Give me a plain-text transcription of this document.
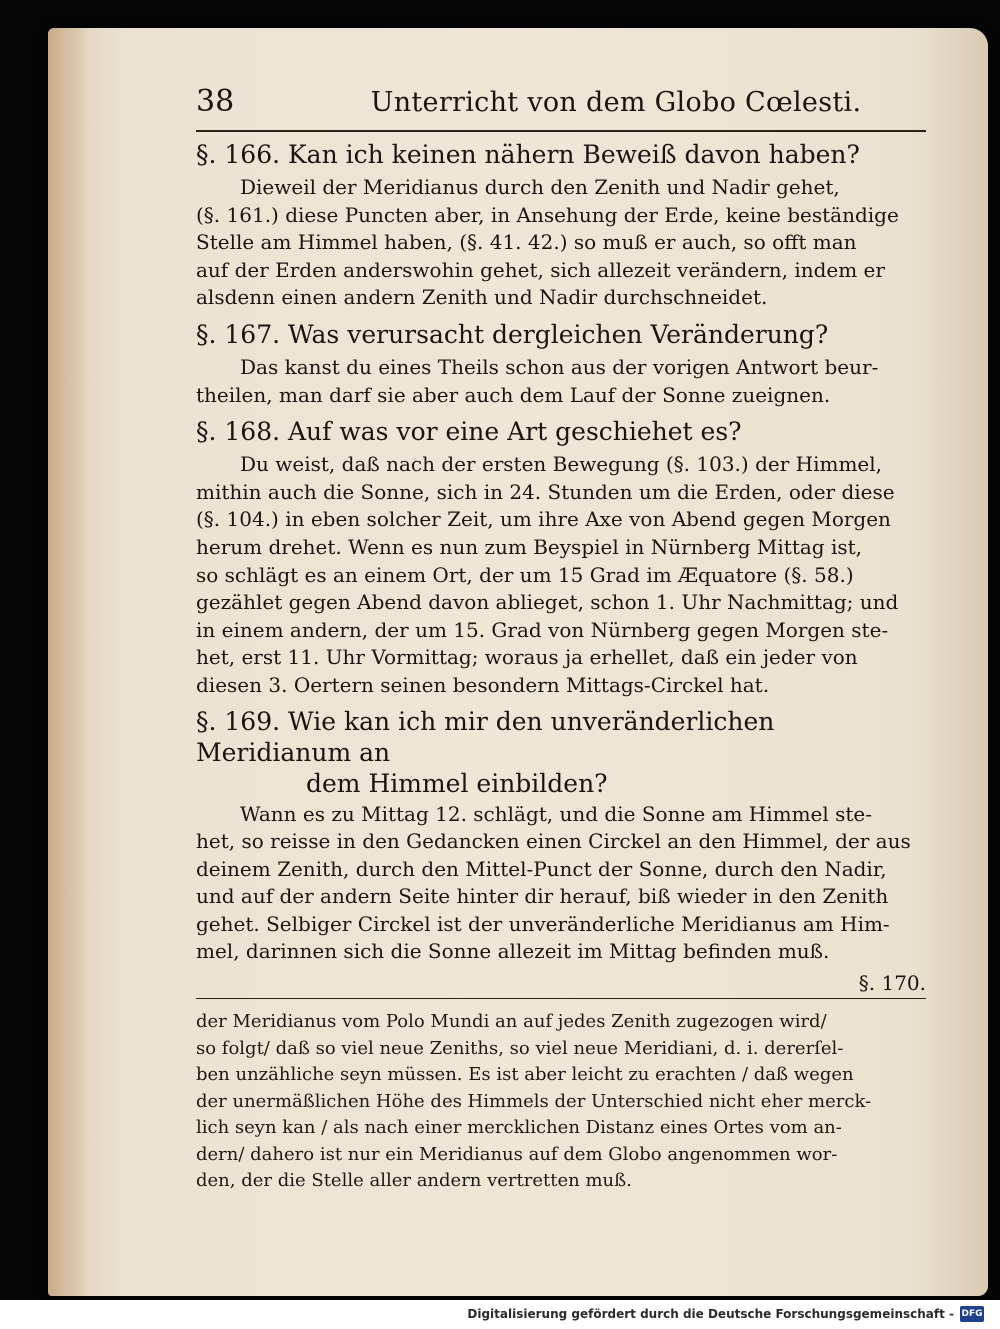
38	Unterricht von dem Globo Cœlesti.
§. 166. Kan ich keinen nähern Beweiß davon haben?
Dieweil der Meridianus durch den Zenith und Nadir gehet,
(§. 161.) diese Puncten aber, in Ansehung der Erde, keine beständige
Stelle am Himmel haben, (§. 41. 42.) so muß er auch, so offt man
auf der Erden anderswohin gehet, sich allezeit verändern, indem er
alsdenn einen andern Zenith und Nadir durchschneidet.
§. 167. Was verursacht dergleichen Veränderung?
Das kanst du eines Theils schon aus der vorigen Antwort beur-
theilen, man darf sie aber auch dem Lauf der Sonne zueignen.
§. 168. Auf was vor eine Art geschiehet es?
Du weist, daß nach der ersten Bewegung (§. 103.) der Himmel,
mithin auch die Sonne, sich in 24. Stunden um die Erden, oder diese
(§. 104.) in eben solcher Zeit, um ihre Axe von Abend gegen Morgen
herum drehet. Wenn es nun zum Beyspiel in Nürnberg Mittag ist,
so schlägt es an einem Ort, der um 15 Grad im Æquatore (§. 58.)
gezählet gegen Abend davon ablieget, schon 1. Uhr Nachmittag; und
in einem andern, der um 15. Grad von Nürnberg gegen Morgen ste-
het, erst 11. Uhr Vormittag; woraus ja erhellet, daß ein jeder von
diesen 3. Oertern seinen besondern Mittags-Circkel hat.
§. 169. Wie kan ich mir den unveränderlichen Meridianum an
dem Himmel einbilden?
Wann es zu Mittag 12. schlägt, und die Sonne am Himmel ste-
het, so reisse in den Gedancken einen Circkel an den Himmel, der aus
deinem Zenith, durch den Mittel-Punct der Sonne, durch den Nadir,
und auf der andern Seite hinter dir herauf, biß wieder in den Zenith
gehet. Selbiger Circkel ist der unveränderliche Meridianus am Him-
mel, darinnen sich die Sonne allezeit im Mittag befinden muß.
§. 170.
der Meridianus vom Polo Mundi an auf jedes Zenith zugezogen wird/
so folgt/ daß so viel neue Zeniths, so viel neue Meridiani, d. i. dererſel-
ben unzähliche seyn müssen. Es ist aber leicht zu erachten / daß wegen
der unermäßlichen Höhe des Himmels der Unterschied nicht eher merck-
lich seyn kan / als nach einer mercklichen Distanz eines Ortes vom an-
dern/ dahero ist nur ein Meridianus auf dem Globo angenommen wor-
den, der die Stelle aller andern vertretten muß.
Digitalisierung gefördert durch die Deutsche Forschungsgemeinschaft - DFG
